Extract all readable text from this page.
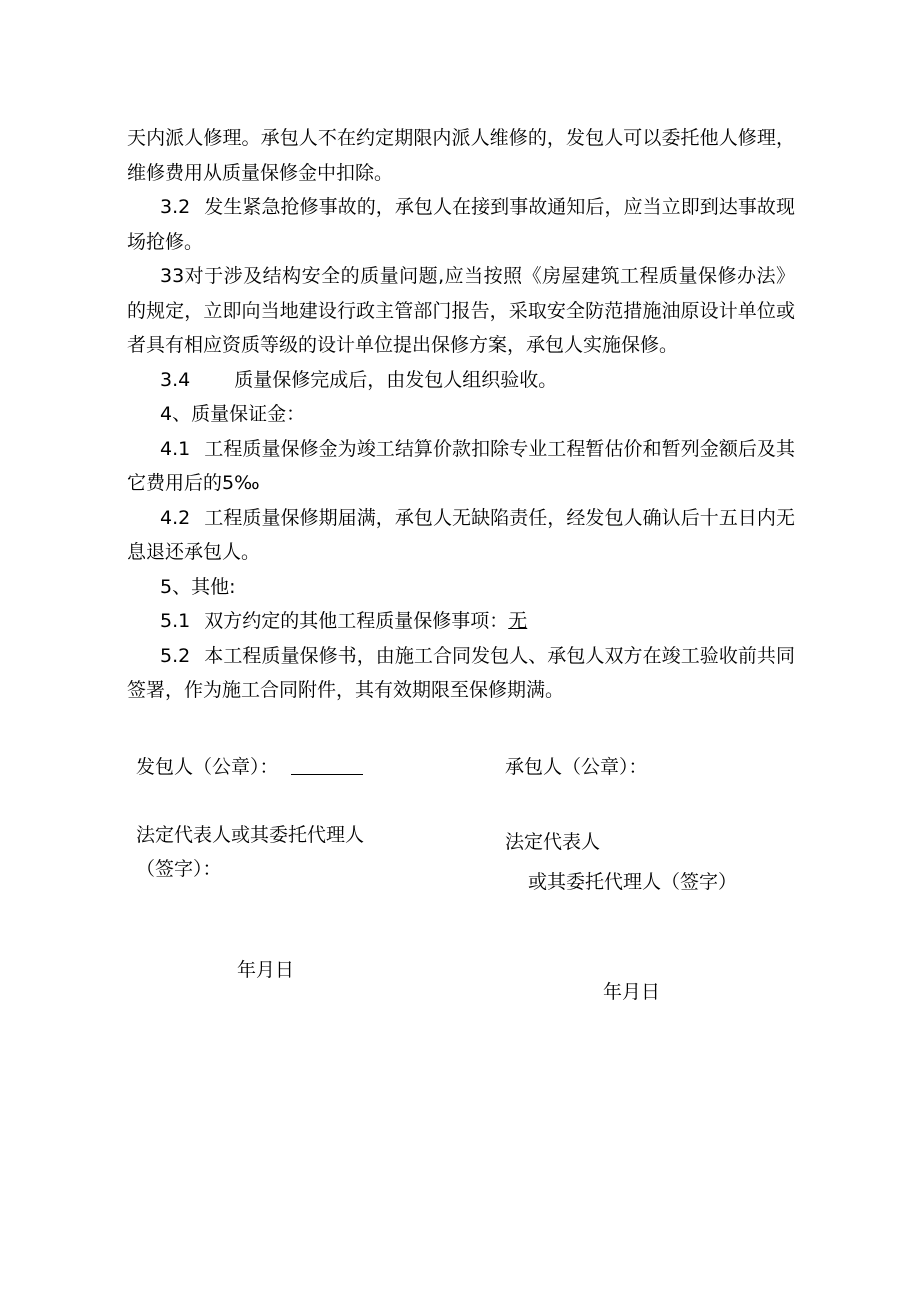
天内派人修理。承包人不在约定期限内派人维修的，发包人可以委托他人修理，维修费用从质量保修金中扣除。

3.2 发生紧急抢修事故的，承包人在接到事故通知后，应当立即到达事故现场抢修。

33对于涉及结构安全的质量问题,应当按照《房屋建筑工程质量保修办法》的规定，立即向当地建设行政主管部门报告，采取安全防范措施油原设计单位或者具有相应资质等级的设计单位提出保修方案，承包人实施保修。

3.4 质量保修完成后，由发包人组织验收。

4、质量保证金：

4.1 工程质量保修金为竣工结算价款扣除专业工程暂估价和暂列金额后及其它费用后的5‰

4.2 工程质量保修期届满，承包人无缺陷责任，经发包人确认后十五日内无息退还承包人。

5、其他:

5.1 双方约定的其他工程质量保修事项：无

5.2 本工程质量保修书，由施工合同发包人、承包人双方在竣工验收前共同签署，作为施工合同附件，其有效期限至保修期满。

发包人（公章）：	承包人（公章）：
法定代表人或其委托代理人
（签字）：
法定代表人
或其委托代理人（签字）
年月日
年月日
